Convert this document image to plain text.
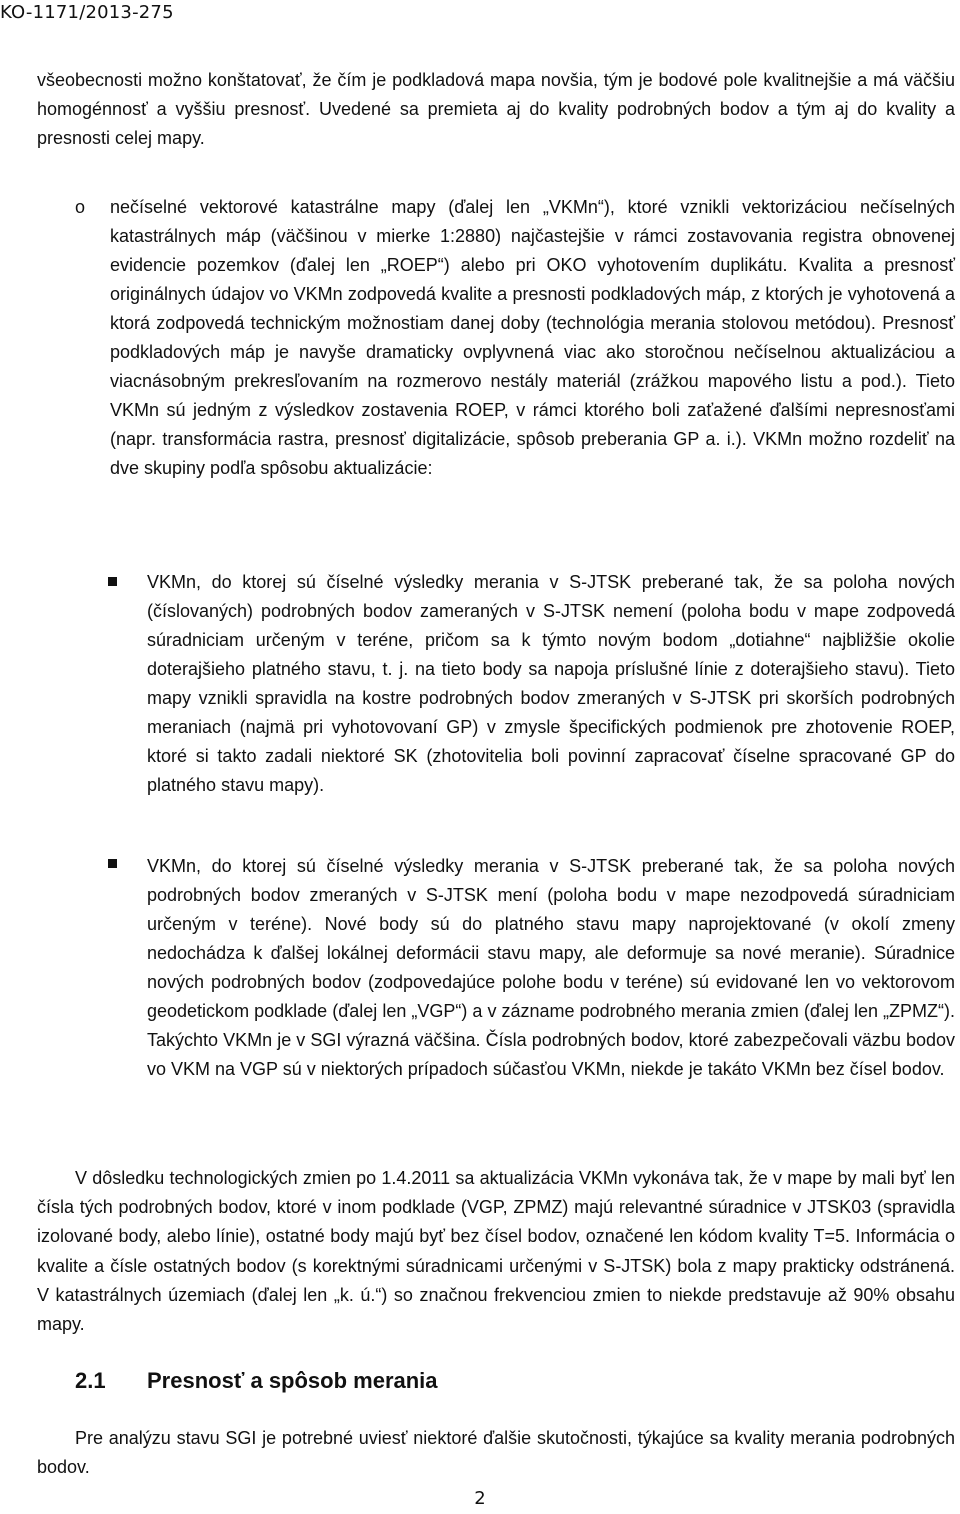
KO-1171/2013-275

všeobecnosti možno konštatovať, že čím je podkladová mapa novšia, tým je bodové pole kvalitnejšie a má väčšiu homogénnosť a vyššiu presnosť. Uvedené sa premieta aj do kvality podrobných bodov a tým aj do kvality a presnosti celej mapy.

o nečíselné vektorové katastrálne mapy (ďalej len „VKMn“), ktoré vznikli vektorizáciou nečíselných katastrálnych máp (väčšinou v mierke 1:2880) najčastejšie v rámci zostavovania registra obnovenej evidencie pozemkov (ďalej len „ROEP“) alebo pri OKO vyhotovením duplikátu. Kvalita a presnosť originálnych údajov vo VKMn zodpovedá kvalite a presnosti podkladových máp, z ktorých je vyhotovená a ktorá zodpovedá technickým možnostiam danej doby (technológia merania stolovou metódou). Presnosť podkladových máp je navyše dramaticky ovplyvnená viac ako storočnou nečíselnou aktualizáciou a viacnásobným prekresľovaním na rozmerovo nestály materiál (zrážkou mapového listu a pod.). Tieto VKMn sú jedným z výsledkov zostavenia ROEP, v rámci ktorého boli zaťažené ďalšími nepresnosťami (napr. transformácia rastra, presnosť digitalizácie, spôsob preberania GP a. i.). VKMn možno rozdeliť na dve skupiny podľa spôsobu aktualizácie:

VKMn, do ktorej sú číselné výsledky merania v S-JTSK preberané tak, že sa poloha nových (číslovaných) podrobných bodov zameraných v S-JTSK nemení (poloha bodu v mape zodpovedá súradniciam určeným v teréne, pričom sa k týmto novým bodom „dotiahne“ najbližšie okolie doterajšieho platného stavu, t. j. na tieto body sa napoja príslušné línie z doterajšieho stavu). Tieto mapy vznikli spravidla na kostre podrobných bodov zmeraných v S-JTSK pri skorších podrobných meraniach (najmä pri vyhotovovaní GP) v zmysle špecifických podmienok pre zhotovenie ROEP, ktoré si takto zadali niektoré SK (zhotovitelia boli povinní zapracovať číselne spracované GP do platného stavu mapy).

VKMn, do ktorej sú číselné výsledky merania v S-JTSK preberané tak, že sa poloha nových podrobných bodov zmeraných v S-JTSK mení (poloha bodu v mape nezodpovedá súradniciam určeným v teréne). Nové body sú do platného stavu mapy naprojektované (v okolí zmeny nedochádza k ďalšej lokálnej deformácii stavu mapy, ale deformuje sa nové meranie). Súradnice nových podrobných bodov (zodpovedajúce polohe bodu v teréne) sú evidované len vo vektorovom geodetickom podklade (ďalej len „VGP“) a v zázname podrobného merania zmien (ďalej len „ZPMZ“). Takýchto VKMn je v SGI výrazná väčšina. Čísla podrobných bodov, ktoré zabezpečovali väzbu bodov vo VKM na VGP sú v niektorých prípadoch súčasťou VKMn, niekde je takáto VKMn bez čísel bodov.

V dôsledku technologických zmien po 1.4.2011 sa aktualizácia VKMn vykonáva tak, že v mape by mali byť len čísla tých podrobných bodov, ktoré v inom podklade (VGP, ZPMZ) majú relevantné súradnice v JTSK03 (spravidla izolované body, alebo línie), ostatné body majú byť bez čísel bodov, označené len kódom kvality T=5. Informácia o kvalite a čísle ostatných bodov (s korektnými súradnicami určenými v S-JTSK) bola z mapy prakticky odstránená. V katastrálnych územiach (ďalej len „k. ú.“) so značnou frekvenciou zmien to niekde predstavuje až 90% obsahu mapy.

2.1 Presnosť a spôsob merania

Pre analýzu stavu SGI je potrebné uviesť niektoré ďalšie skutočnosti, týkajúce sa kvality merania podrobných bodov.

2
